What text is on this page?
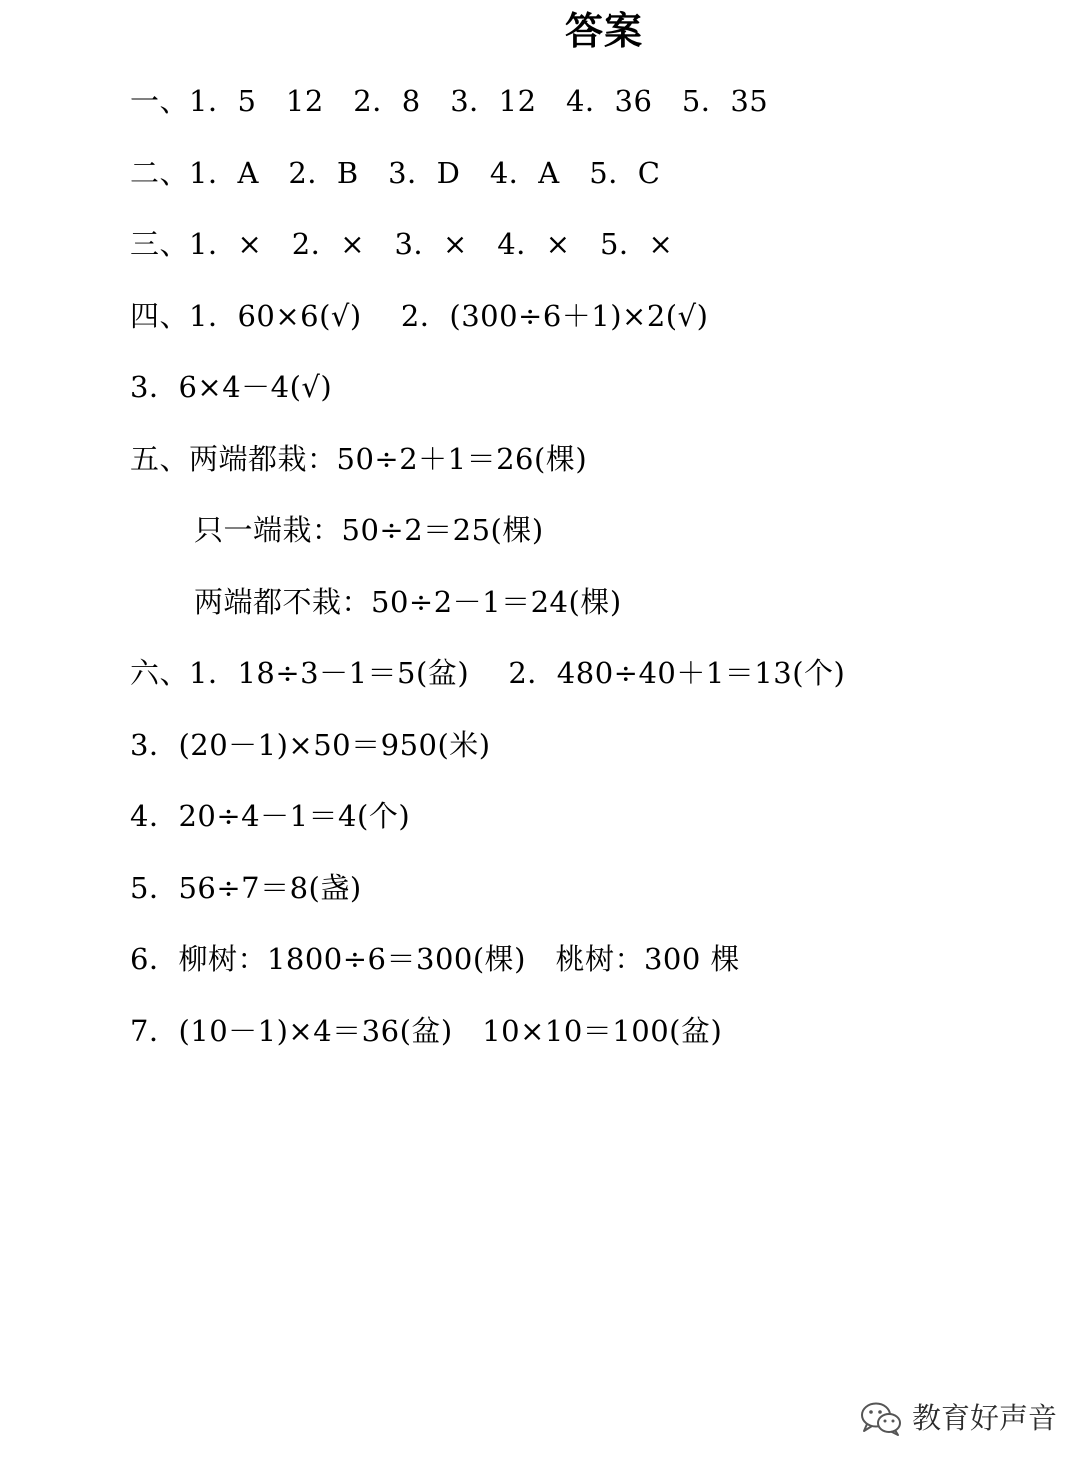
答案
一、1．5　12　2．8　3．12　4．36　5．35
二、1．A　2．B　3．D　4．A　5．C
三、1．×　2．×　3．×　4．×　5．×
四、1．60×6(√)　 2．(300÷6＋1)×2(√)
3．6×4－4(√)
五、两端都栽：50÷2＋1＝26(棵)
只一端栽：50÷2＝25(棵)
两端都不栽：50÷2－1＝24(棵)
六、1．18÷3－1＝5(盆)　 2．480÷40＋1＝13(个)
3．(20－1)×50＝950(米)
4．20÷4－1＝4(个)
5．56÷7＝8(盏)
6．柳树：1800÷6＝300(棵)　桃树：300 棵
7．(10－1)×4＝36(盆)　10×10＝100(盆)
教育好声音
